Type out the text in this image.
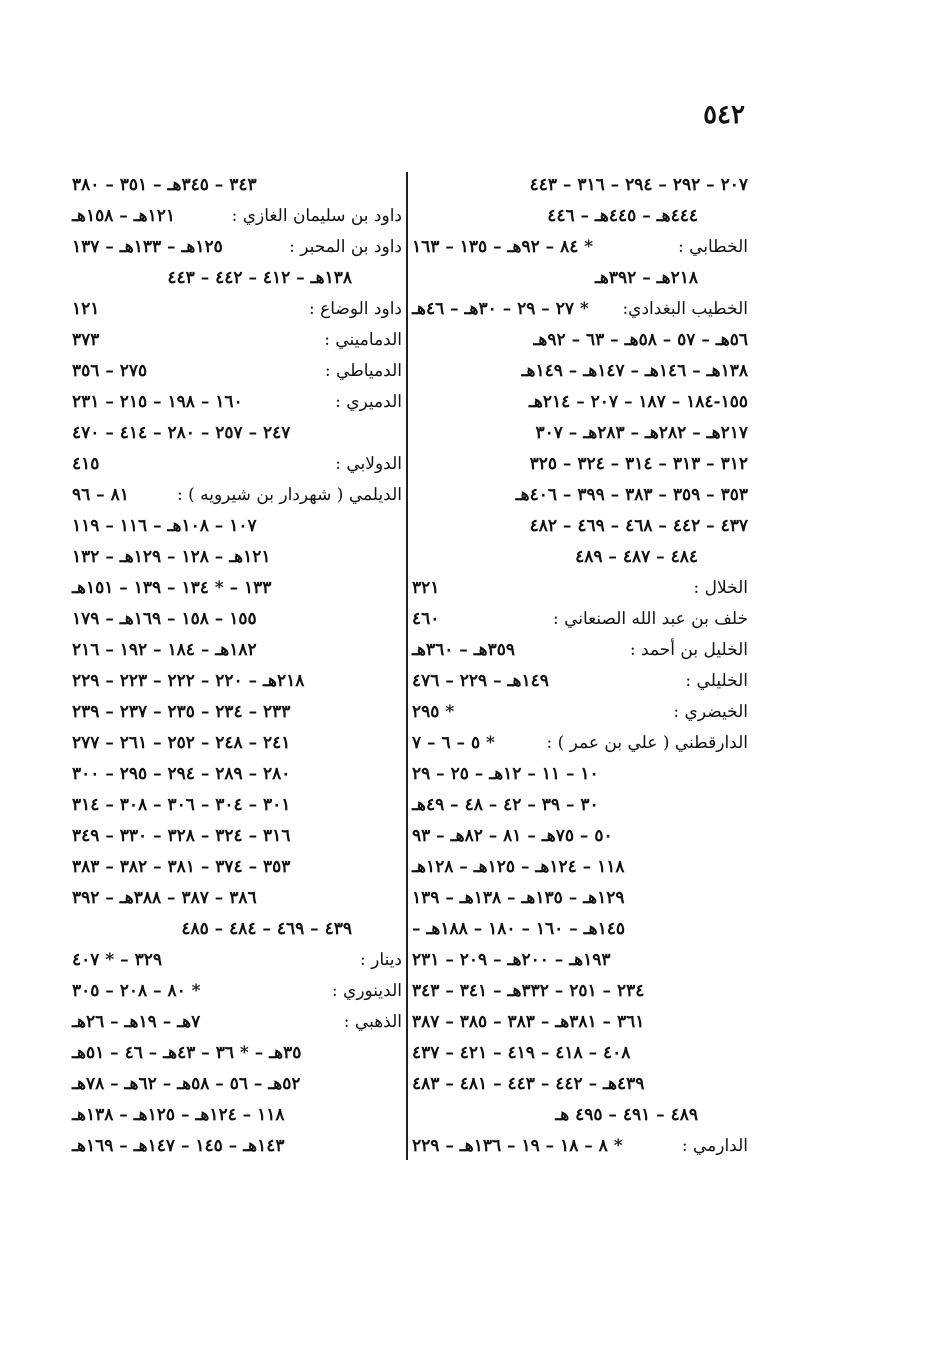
٥٤٢
٢٠٧ – ٢٩٢ – ٢٩٤ – ٣١٦ – ٤٤٣
٤٤٤هـ – ٤٤٥هـ – ٤٤٦
الخطابي :
* ٨٤ – ٩٢هـ – ١٣٥ – ١٦٣
٢١٨هـ – ٣٩٢هـ
الخطيب البغدادي:
* ٢٧ – ٢٩ – ٣٠هـ – ٤٦هـ
٥٦هـ – ٥٧ – ٥٨هـ – ٦٣ – ٩٢هـ
١٣٨هـ – ١٤٦هـ – ١٤٧هـ – ١٤٩هـ
١٥٥-١٨٤ – ١٨٧ – ٢٠٧ – ٢١٤هـ
٢١٧هـ – ٢٨٢هـ – ٢٨٣هـ – ٣٠٧
٣١٢ – ٣١٣ – ٣١٤ – ٣٢٤ – ٣٢٥
٣٥٣ – ٣٥٩ – ٣٨٣ – ٣٩٩ – ٤٠٦هـ
٤٣٧ – ٤٤٢ – ٤٦٨ – ٤٦٩ – ٤٨٢
٤٨٤ – ٤٨٧ – ٤٨٩
الخلال :
٣٢١
خلف بن عبد الله الصنعاني :
٤٦٠
الخليل بن أحمد :
٣٥٩هـ – ٣٦٠هـ
الخليلي :
١٤٩هـ – ٢٢٩ – ٤٧٦
الخيضري :
* ٢٩٥
الدارقطني ( علي بن عمر ) :
* ٥ – ٦ – ٧
١٠ – ١١ – ١٢هـ – ٢٥ – ٢٩
٣٠ – ٣٩ – ٤٢ – ٤٨ – ٤٩هـ
٥٠ – ٧٥هـ – ٨١ – ٨٢هـ – ٩٣
١١٨ – ١٢٤هـ – ١٢٥هـ – ١٢٨هـ
١٢٩هـ – ١٣٥هـ – ١٣٨هـ – ١٣٩
١٤٥هـ – ١٦٠ – ١٨٠ – ١٨٨هـ –
١٩٣هـ – ٢٠٠هـ – ٢٠٩ – ٢٣١
٢٣٤ – ٢٥١ – ٣٣٢هـ – ٣٤١ – ٣٤٣
٣٦١ – ٣٨١هـ – ٣٨٣ – ٣٨٥ – ٣٨٧
٤٠٨ – ٤١٨ – ٤١٩ – ٤٢١ – ٤٣٧
٤٣٩هـ – ٤٤٢ – ٤٤٣ – ٤٨١ – ٤٨٣
٤٨٩ – ٤٩١ – ٤٩٥ هـ
الدارمي :
* ٨ – ١٨ – ١٩ – ١٣٦هـ – ٢٢٩
٣٤٣ – ٣٤٥هـ – ٣٥١ – ٣٨٠
داود بن سليمان الغازي :
١٢١هـ – ١٥٨هـ
داود بن المحبر :
١٢٥هـ – ١٣٣هـ – ١٣٧
١٣٨هـ – ٤١٢ – ٤٤٢ – ٤٤٣
داود الوضاع :
١٢١
الدماميني :
٣٧٣
الدمياطي :
٢٧٥ – ٣٥٦
الدميري :
١٦٠ – ١٩٨ – ٢١٥ – ٢٣١
٢٤٧ – ٢٥٧ – ٢٨٠ – ٤١٤ – ٤٧٠
الدولابي :
٤١٥
الديلمي ( شهردار بن شيرويه ) :
٨١ – ٩٦
١٠٧ – ١٠٨هـ – ١١٦ – ١١٩
١٢١هـ – ١٢٨ – ١٢٩هـ – ١٣٢
١٣٣ – * ١٣٤ – ١٣٩ – ١٥١هـ
١٥٥ – ١٥٨ – ١٦٩هـ – ١٧٩
١٨٢هـ – ١٨٤ – ١٩٢ – ٢١٦
٢١٨هـ – ٢٢٠ – ٢٢٢ – ٢٢٣ – ٢٢٩
٢٣٣ – ٢٣٤ – ٢٣٥ – ٢٣٧ – ٢٣٩
٢٤١ – ٢٤٨ – ٢٥٢ – ٢٦١ – ٢٧٧
٢٨٠ – ٢٨٩ – ٢٩٤ – ٢٩٥ – ٣٠٠
٣٠١ – ٣٠٤ – ٣٠٦ – ٣٠٨ – ٣١٤
٣١٦ – ٣٢٤ – ٣٢٨ – ٣٣٠ – ٣٤٩
٣٥٣ – ٣٧٤ – ٣٨١ – ٣٨٢ – ٣٨٣
٣٨٦ – ٣٨٧ – ٣٨٨هـ – ٣٩٢
٤٣٩ – ٤٦٩ – ٤٨٤ – ٤٨٥
دينار :
٣٢٩ – * ٤٠٧
الدينوري :
* ٨٠ – ٢٠٨ – ٣٠٥
الذهبي :
٧هـ – ١٩هـ – ٢٦هـ
٣٥هـ – * ٣٦ – ٤٣هـ – ٤٦ – ٥١هـ
٥٢هـ – ٥٦ – ٥٨هـ – ٦٢هـ – ٧٨هـ
١١٨ – ١٢٤هـ – ١٢٥هـ – ١٣٨هـ
١٤٣هـ – ١٤٥ – ١٤٧هـ – ١٦٩هـ
